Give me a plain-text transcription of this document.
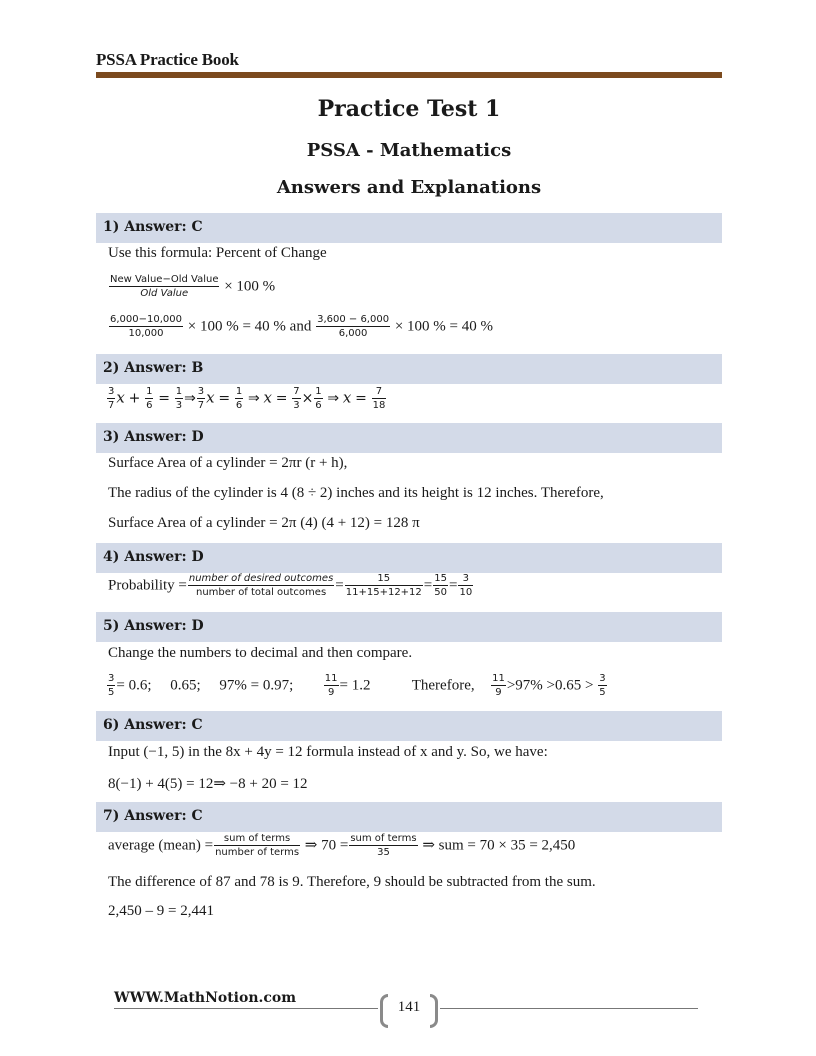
PSSA Practice Book
Practice Test 1
PSSA - Mathematics
Answers and Explanations
1) Answer: C
Use this formula: Percent of Change
$\frac{\text{New Value−Old Value}}{\text{Old Value}} \times 100$ %
$\frac{6,000-10,000}{10,000} \times 100$ % = 40 % and $\frac{3,600 - 6,000}{6,000} \times 100$ % = 40 %
2) Answer: B
$\frac{3}{7}$ $x + \frac{1}{6} = \frac{1}{3}$ ⇒ $\frac{3}{7}$ $x = \frac{1}{6}$ ⇒ $x = \frac{7}{3} \times \frac{1}{6}$ ⇒ $x = \frac{7}{18}$
3) Answer: D
Surface Area of a cylinder = 2πr (r + h),
The radius of the cylinder is 4 (8 ÷ 2) inches and its height is 12 inches. Therefore,
Surface Area of a cylinder = 2π (4) (4 + 12) = 128 π
4) Answer: D
Probability = $\frac{\text{number of desired outcomes}}{\text{number of total outcomes}} = \frac{15}{11+15+12+12} = \frac{15}{50} = \frac{3}{10}$
5) Answer: D
Change the numbers to decimal and then compare.
$\frac{3}{5} = 0.6$;     0.65;     97% = 0.97;	$\frac{11}{9} = 1.2$	Therefore, $\frac{11}{9} >97\% >0.65 > \frac{3}{5}$
6) Answer: C
Input (−1, 5) in the 8x + 4y = 12 formula instead of x and y. So, we have:
8(−1) + 4(5) = 12⇒ −8 + 20 = 12
7) Answer: C
average (mean) = $\frac{\text{sum of terms}}{\text{number of terms}}$ ⇒ $70 = \frac{\text{sum of terms}}{35}$ ⇒ sum = 70 × 35 = 2,450
The difference of 87 and 78 is 9. Therefore, 9 should be subtracted from the sum.
2,450 – 9 = 2,441
WWW.MathNotion.com
141
